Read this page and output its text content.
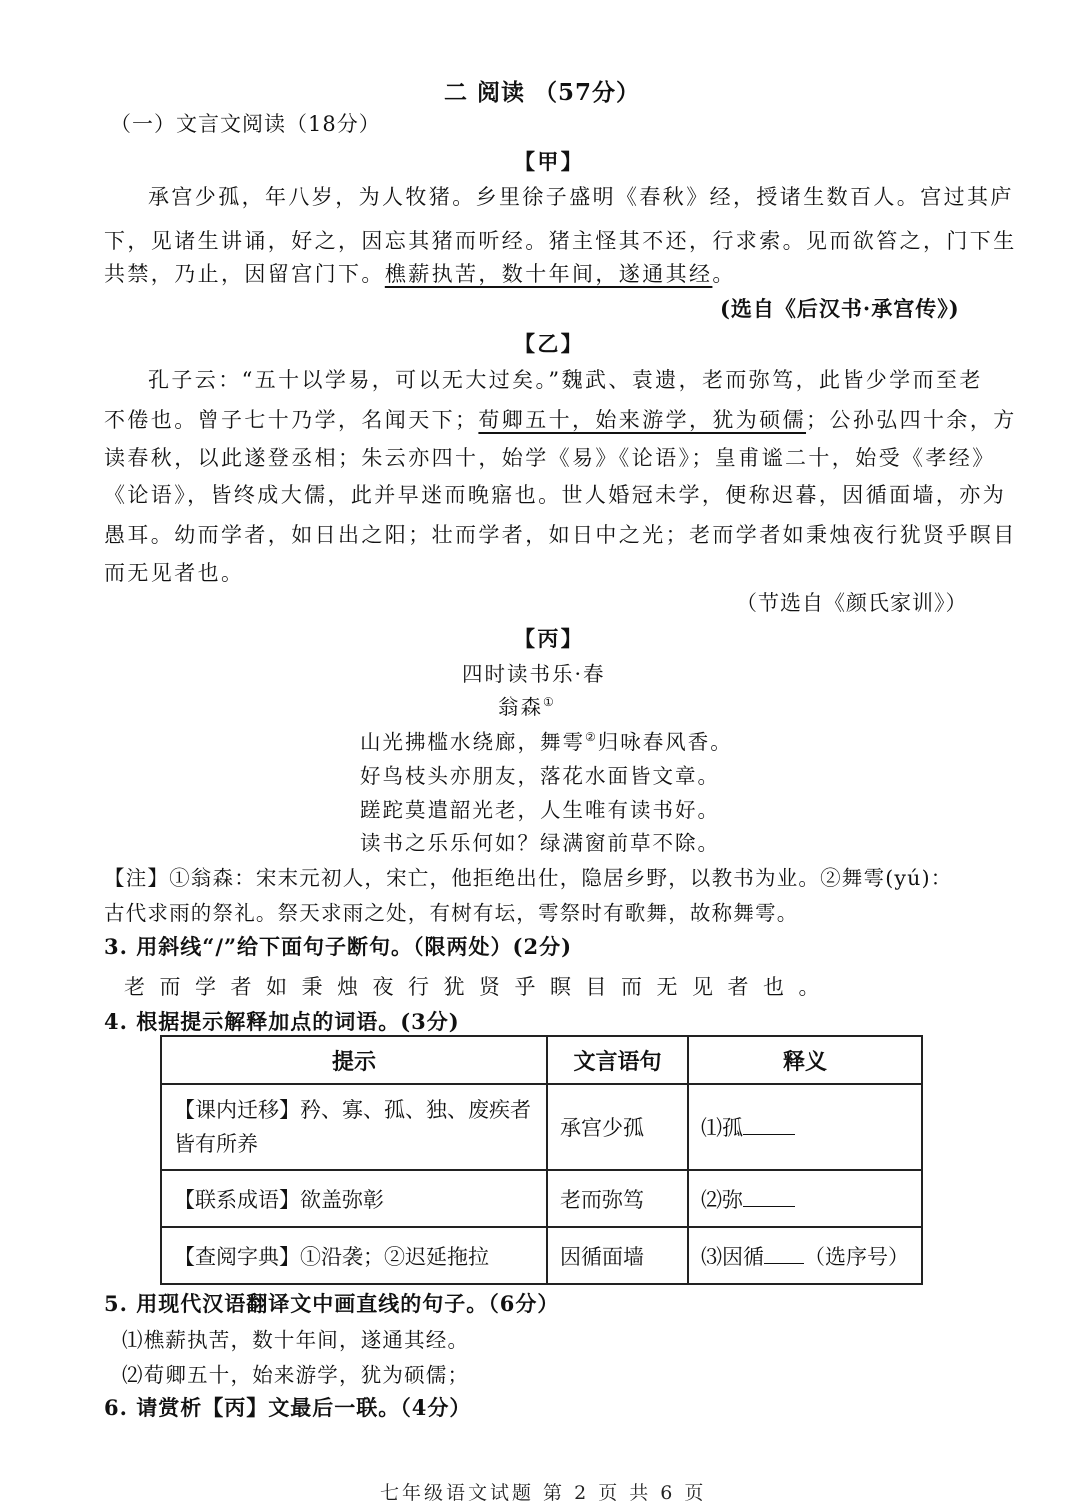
二 阅读 （57分）
（一）文言文阅读（18分）
【甲】
承宫少孤，年八岁，为人牧猪。乡里徐子盛明《春秋》经，授诸生数百人。宫过其庐
下，见诸生讲诵，好之，因忘其猪而听经。猪主怪其不还，行求索。见而欲笞之，门下生
共禁，乃止，因留宫门下。樵薪执苦，数十年间，遂通其经。
(选自《后汉书·承宫传》)
【乙】
孔子云：“五十以学易，可以无大过矣。”魏武、袁遗，老而弥笃，此皆少学而至老
不倦也。曾子七十乃学，名闻天下；荀卿五十，始来游学，犹为硕儒；公孙弘四十余，方
读春秋，以此遂登丞相；朱云亦四十，始学《易》《论语》；皇甫谧二十，始受《孝经》
《论语》，皆终成大儒，此并早迷而晚寤也。世人婚冠未学，便称迟暮，因循面墙，亦为
愚耳。幼而学者，如日出之阳；壮而学者，如日中之光；老而学者如秉烛夜行犹贤乎瞑目
而无见者也。
（节选自《颜氏家训》）
【丙】
四时读书乐·春
翁森①
山光拂槛水绕廊，舞雩②归咏春风香。
好鸟枝头亦朋友，落花水面皆文章。
蹉跎莫遣韶光老，人生唯有读书好。
读书之乐乐何如？绿满窗前草不除。
【注】①翁森：宋末元初人，宋亡，他拒绝出仕，隐居乡野，以教书为业。②舞雩(yú)：
古代求雨的祭礼。祭天求雨之处，有树有坛，雩祭时有歌舞，故称舞雩。
3. 用斜线“/”给下面句子断句。（限两处）(2分)
老而学者如秉烛夜行犹贤乎瞑目而无见者也。
4. 根据提示解释加点的词语。(3分)
提示	文言语句	释义
【课内迁移】矜、寡、孤、独、废疾者皆有所养	承宫少孤	⑴孤
【联系成语】欲盖弥彰	老而弥笃	⑵弥
【查阅字典】①沿袭；②迟延拖拉	因循面墙	⑶因循 （选序号）
5. 用现代汉语翻译文中画直线的句子。（6分）
⑴樵薪执苦，数十年间，遂通其经。
⑵荀卿五十，始来游学，犹为硕儒；
6. 请赏析【丙】文最后一联。（4分）
七年级语文试题 第 2 页 共 6 页
